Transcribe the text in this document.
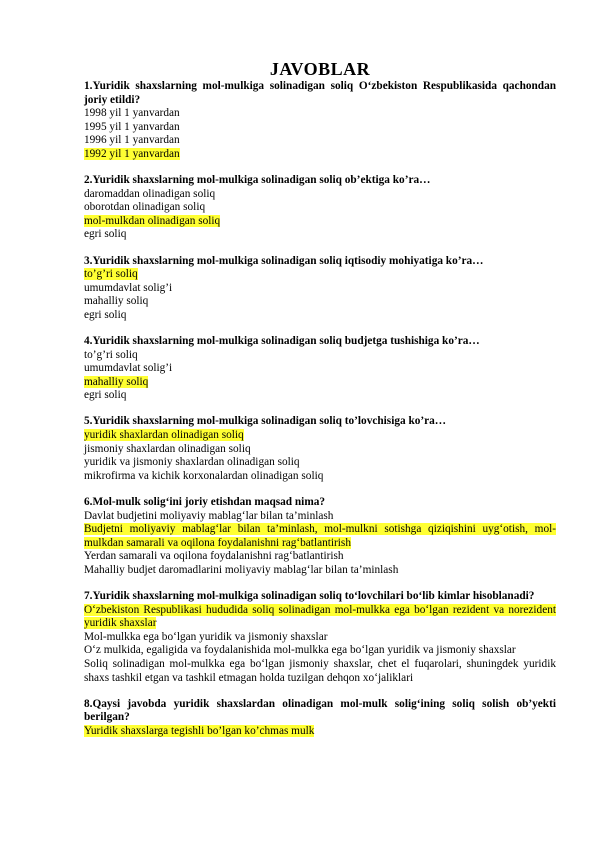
JAVOBLAR
1.Yuridik shaxslarning mol-mulkiga solinadigan soliq O‘zbekiston Respublikasida qachondan joriy etildi?
1998 yil 1 yanvardan
1995 yil 1 yanvardan
1996 yil 1 yanvardan
1992 yil 1 yanvardan
2.Yuridik shaxslarning mol-mulkiga solinadigan soliq ob’ektiga ko’ra…
daromaddan olinadigan soliq
oborotdan olinadigan soliq
mol-mulkdan olinadigan soliq
egri soliq
3.Yuridik shaxslarning mol-mulkiga solinadigan soliq iqtisodiy mohiyatiga ko’ra…
to’g’ri soliq
umumdavlat solig’i
mahalliy soliq
egri soliq
4.Yuridik shaxslarning mol-mulkiga solinadigan soliq budjetga tushishiga ko’ra…
to’g’ri soliq
umumdavlat solig’i
mahalliy soliq
egri soliq
5.Yuridik shaxslarning mol-mulkiga solinadigan soliq to’lovchisiga ko’ra…
yuridik shaxlardan olinadigan soliq
jismoniy shaxlardan olinadigan soliq
yuridik va jismoniy shaxlardan olinadigan soliq
mikrofirma va kichik korxonalardan olinadigan soliq
6.Mol-mulk solig‘ini joriy etishdan maqsad nima?
Davlat budjetini moliyaviy mablag‘lar bilan ta’minlash
Budjetni moliyaviy mablag‘lar bilan ta’minlash, mol-mulkni sotishga qiziqishini uyg‘otish, mol-mulkdan samarali va oqilona foydalanishni rag‘batlantirish
Yerdan samarali va oqilona foydalanishni rag‘batlantirish
Mahalliy budjet daromadlarini moliyaviy mablag‘lar bilan ta’minlash
7.Yuridik shaxslarning mol-mulkiga solinadigan soliq to‘lovchilari bo‘lib kimlar hisoblanadi?
O‘zbekiston Respublikasi hududida soliq solinadigan mol-mulkka ega bo‘lgan rezident va norezident yuridik shaxslar
Mol-mulkka ega bo‘lgan yuridik va jismoniy shaxslar
O‘z mulkida, egaligida va foydalanishida mol-mulkka ega bo‘lgan yuridik va jismoniy shaxslar
Soliq solinadigan mol-mulkka ega bo‘lgan jismoniy shaxslar, chet el fuqarolari, shuningdek yuridik shaxs tashkil etgan va tashkil etmagan holda tuzilgan dehqon xo‘jaliklari
8.Qaysi javobda yuridik shaxslardan olinadigan mol-mulk solig‘ining soliq solish ob’yekti berilgan?
Yuridik shaxslarga tegishli bo’lgan ko’chmas mulk
